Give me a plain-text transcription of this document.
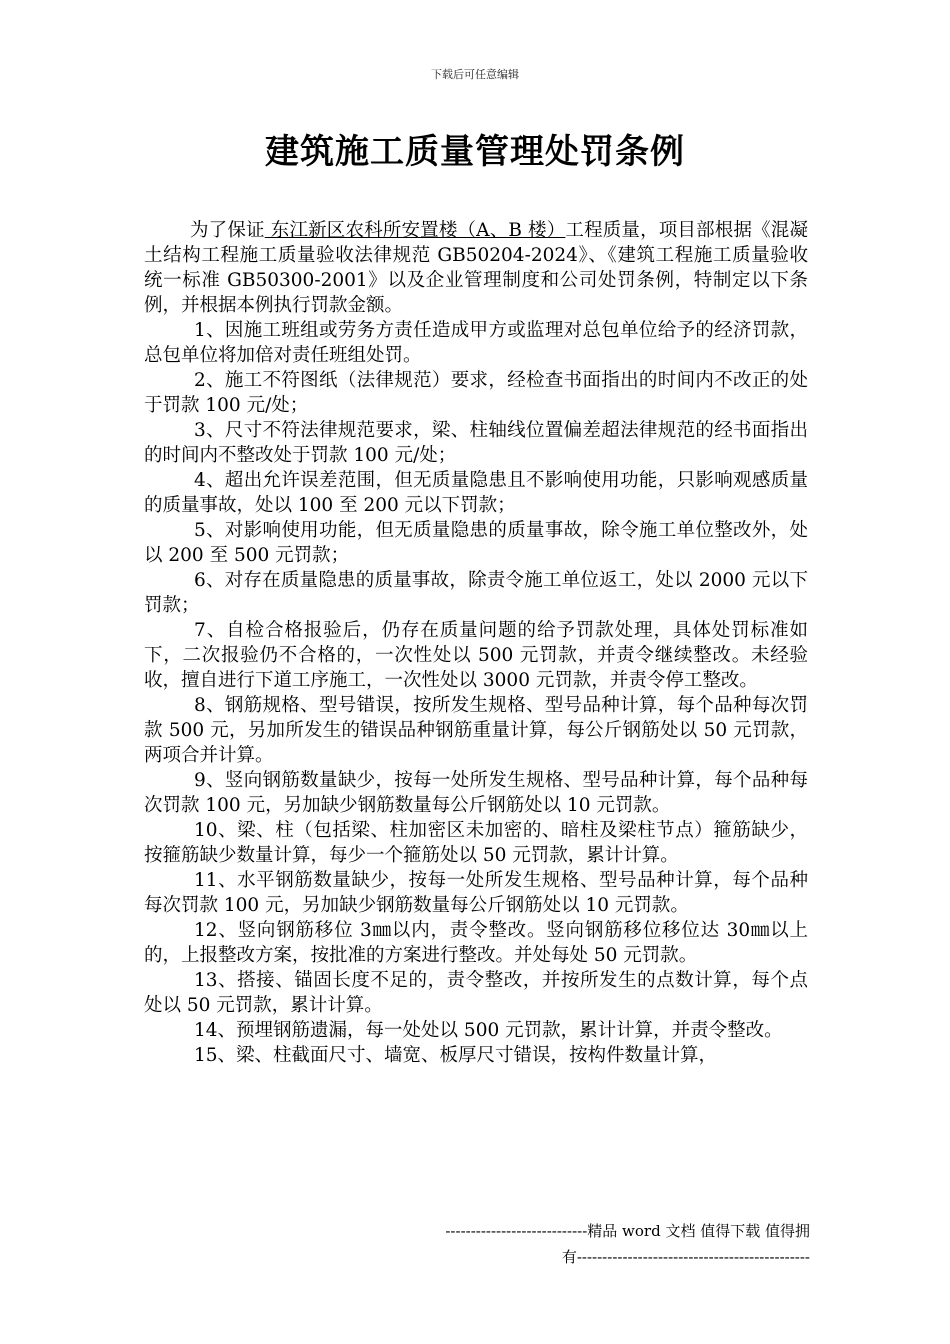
下载后可任意编辑
建筑施工质量管理处罚条例

为了保证 东江新区农科所安置楼（A、B 楼）工程质量，项目部根据《混凝土结构工程施工质量验收法律规范 GB50204-2024》、《建筑工程施工质量验收统一标准 GB50300-2001》以及企业管理制度和公司处罚条例，特制定以下条例，并根据本例执行罚款金额。

1、因施工班组或劳务方责任造成甲方或监理对总包单位给予的经济罚款，总包单位将加倍对责任班组处罚。

2、施工不符图纸（法律规范）要求，经检查书面指出的时间内不改正的处于罚款 100 元/处；

3、尺寸不符法律规范要求，梁、柱轴线位置偏差超法律规范的经书面指出的时间内不整改处于罚款 100 元/处；

4、超出允许误差范围，但无质量隐患且不影响使用功能，只影响观感质量的质量事故，处以 100 至 200 元以下罚款；

5、对影响使用功能，但无质量隐患的质量事故，除令施工单位整改外，处以 200 至 500 元罚款；

6、对存在质量隐患的质量事故，除责令施工单位返工，处以 2000 元以下罚款；

7、自检合格报验后，仍存在质量问题的给予罚款处理，具体处罚标准如下，二次报验仍不合格的，一次性处以 500 元罚款，并责令继续整改。未经验收，擅自进行下道工序施工，一次性处以 3000 元罚款，并责令停工整改。

8、钢筋规格、型号错误，按所发生规格、型号品种计算，每个品种每次罚款 500 元，另加所发生的错误品种钢筋重量计算，每公斤钢筋处以 50 元罚款，两项合并计算。

9、竖向钢筋数量缺少，按每一处所发生规格、型号品种计算，每个品种每次罚款 100 元，另加缺少钢筋数量每公斤钢筋处以 10 元罚款。

10、梁、柱（包括梁、柱加密区未加密的、暗柱及梁柱节点）箍筋缺少，按箍筋缺少数量计算，每少一个箍筋处以 50 元罚款，累计计算。

11、水平钢筋数量缺少，按每一处所发生规格、型号品种计算，每个品种每次罚款 100 元，另加缺少钢筋数量每公斤钢筋处以 10 元罚款。

12、竖向钢筋移位 3㎜以内，责令整改。竖向钢筋移位移位达 30㎜以上的，上报整改方案，按批准的方案进行整改。并处每处 50 元罚款。

13、搭接、锚固长度不足的，责令整改，并按所发生的点数计算，每个点处以 50 元罚款，累计计算。

14、预埋钢筋遗漏，每一处处以 500 元罚款，累计计算，并责令整改。

15、梁、柱截面尺寸、墙宽、板厚尺寸错误，按构件数量计算，

----------------------------精品 word 文档 值得下载 值得拥
有----------------------------------------------
